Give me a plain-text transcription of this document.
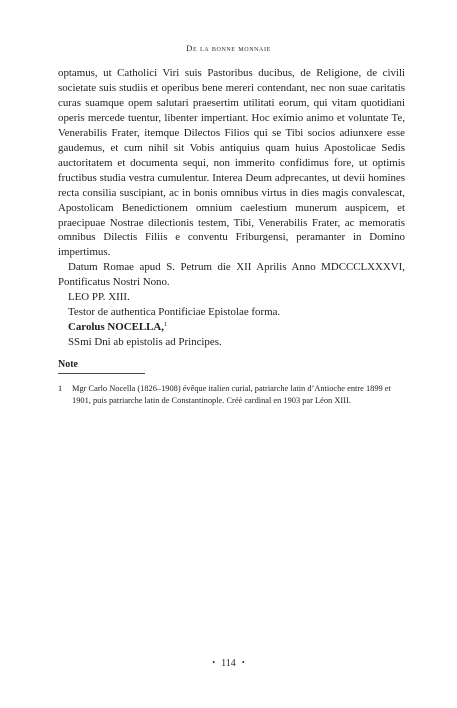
De la bonne monnaie

optamus, ut Catholici Viri suis Pastoribus ducibus, de Religione, de civili societate suis studiis et operibus bene mereri contendant, nec non suae caritatis curas suamque opem salutari praesertim utilitati eorum, qui vitam quotidiani operis mercede tuentur, libenter impertiant. Hoc eximio animo et voluntate Te, Venerabilis Frater, itemque Dilectos Filios qui se Tibi socios adiunxere esse gaudemus, et cum nihil sit Vobis antiquius quam huius Apostolicae Sedis auctoritatem et documenta sequi, non immerito confidimus fore, ut optimis fructibus studia vestra cumulentur. Interea Deum adprecantes, ut devii homines recta consilia suscipiant, ac in bonis omnibus virtus in dies magis convalescat, Apostolicam Benedictionem omnium caelestium munerum auspicem, et praecipuae Nostrae dilectionis testem, Tibi, Venerabilis Frater, ac memoratis omnibus Dilectis Filiis e conventu Friburgensi, peramanter in Domino impertimus.

Datum Romae apud S. Petrum die XII Aprilis Anno MDCCCLXXXVI, Pontificatus Nostri Nono.

LEO PP. XIII.

Testor de authentica Pontificiae Epistolae forma.

Carolus NOCELLA,$^1$

SSmi Dni ab epistolis ad Principes.

Note
1	Mgr Carlo Nocella (1826–1908) évêque italien curial, patriarche latin d’Antioche entre 1899 et 1901, puis patriarche latin de Constantinople. Créé cardinal en 1903 par Léon XIII.
• 114 •
